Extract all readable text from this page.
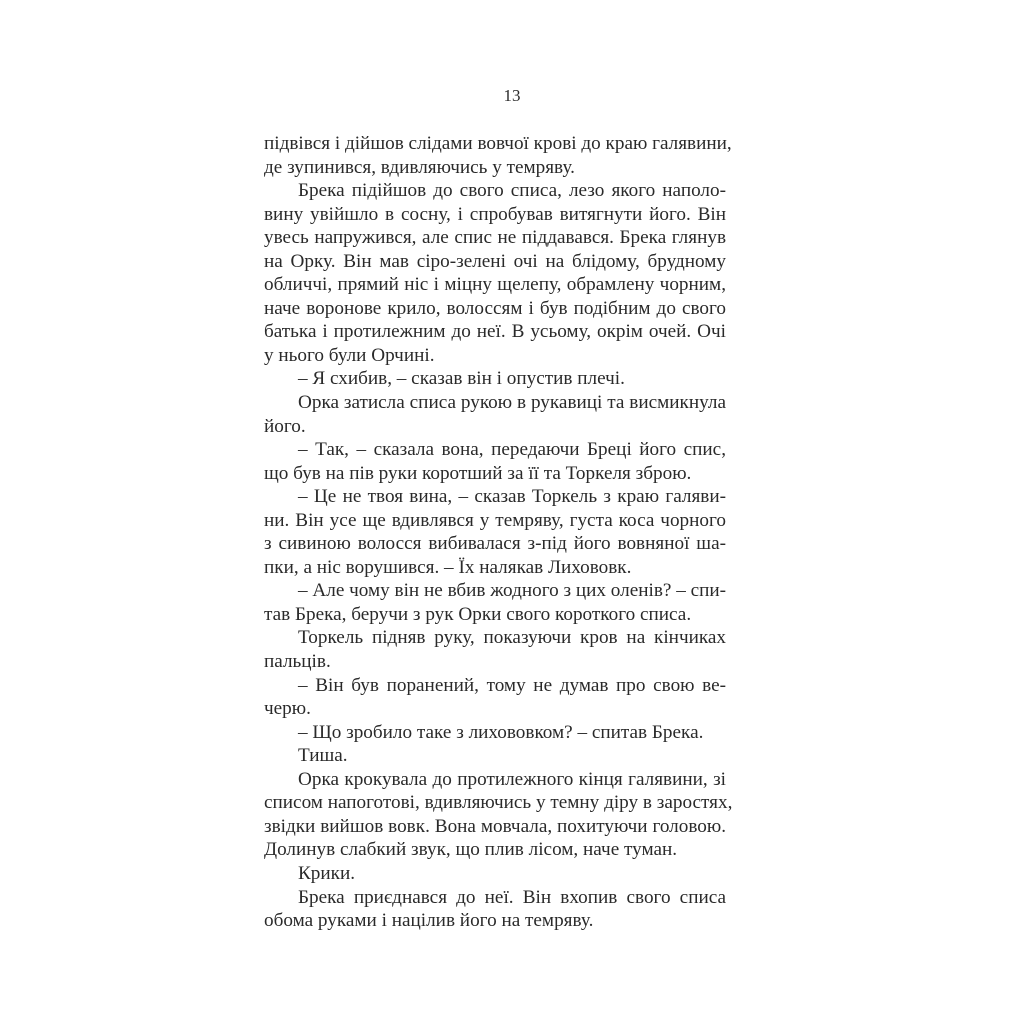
13
підвівся і дійшов слідами вовчої крові до краю галявини,
де зупинився, вдивляючись у темряву.
Брека підійшов до свого списа, лезо якого наполо-
вину увійшло в сосну, і спробував витягнути його. Він
увесь напружився, але спис не піддавався. Брека глянув
на Орку. Він мав сіро-зелені очі на блідому, брудному
обличчі, прямий ніс і міцну щелепу, обрамлену чорним,
наче воронове крило, волоссям і був подібним до свого
батька і протилежним до неї. В усьому, окрім очей. Очі
у нього були Орчині.
– Я схибив, – сказав він і опустив плечі.
Орка затисла списа рукою в рукавиці та висмикнула
його.
– Так, – сказала вона, передаючи Бреці його спис,
що був на пів руки коротший за її та Торкеля зброю.
– Це не твоя вина, – сказав Торкель з краю галяви-
ни. Він усе ще вдивлявся у темряву, густа коса чорного
з сивиною волосся вибивалася з-під його вовняної ша-
пки, а ніс ворушився. – Їх налякав Лихововк.
– Але чому він не вбив жодного з цих оленів? – спи-
тав Брека, беручи з рук Орки свого короткого списа.
Торкель підняв руку, показуючи кров на кінчиках
пальців.
– Він був поранений, тому не думав про свою ве-
черю.
– Що зробило таке з лихововком? – спитав Брека.
Тиша.
Орка крокувала до протилежного кінця галявини, зі
списом напоготові, вдивляючись у темну діру в заростях,
звідки вийшов вовк. Вона мовчала, похитуючи головою.
Долинув слабкий звук, що плив лісом, наче туман.
Крики.
Брека приєднався до неї. Він вхопив свого списа
обома руками і націлив його на темряву.
